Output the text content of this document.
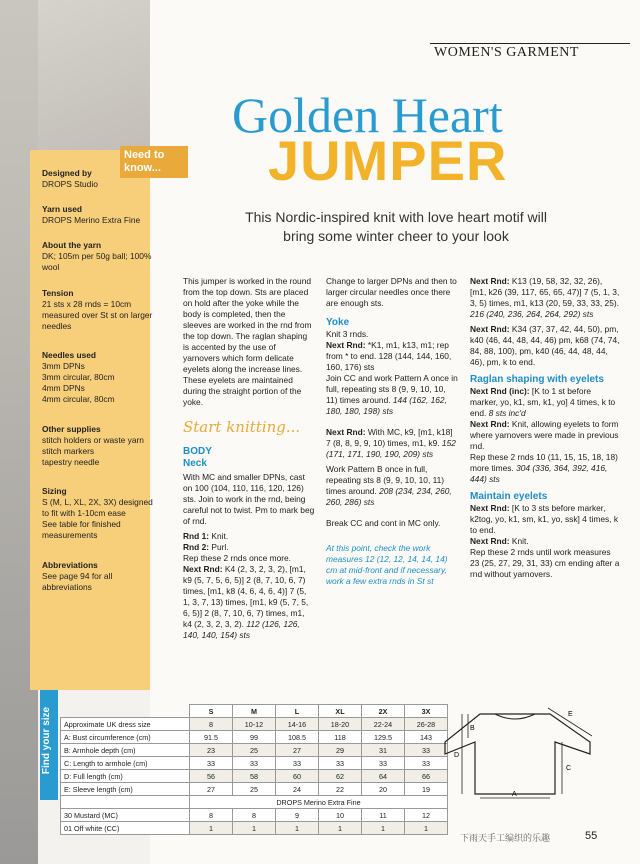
Need to know...
Designed by
DROPS Studio
Yarn used
DROPS Merino Extra Fine
About the yarn
DK; 105m per 50g ball; 100% wool
Tension
21 sts x 28 rnds = 10cm measured over St st on larger needles
Needles used
3mm DPNs
3mm circular, 80cm
4mm DPNs
4mm circular, 80cm
Other supplies
stitch holders or waste yarn
stitch markers
tapestry needle
Sizing
S (M, L, XL, 2X, 3X) designed to fit with 1-10cm ease
See table for finished measurements
Abbreviations
See page 94 for all abbreviations
WOMEN'S GARMENT
Golden Heart
JUMPER
This Nordic-inspired knit with love heart motif will bring some winter cheer to your look

This jumper is worked in the round from the top down. Sts are placed on hold after the yoke while the body is completed, then the sleeves are worked in the rnd from the top down. The raglan shaping is accented by the use of yarnovers which form delicate eyelets along the increase lines. These eyelets are maintained during the straight portion of the yoke.

Start knitting...
BODY
Neck

With MC and smaller DPNs, cast on 100 (104, 110, 116, 120, 126) sts. Join to work in the rnd, being careful not to twist. Pm to mark beg of rnd.

Rnd 1: Knit.

Rnd 2: Purl.

Rep these 2 rnds once more.

Next Rnd: K4 (2, 3, 2, 3, 2), [m1, k9 (5, 7, 5, 6, 5)] 2 (8, 7, 10, 6, 7) times, [m1, k8 (4, 6, 4, 6, 4)] 7 (5, 1, 3, 7, 13) times, [m1, k9 (5, 7, 5, 6, 5)] 2 (8, 7, 10, 6, 7) times, m1, k4 (2, 3, 2, 3, 2). 112 (126, 126, 140, 140, 154) sts

Change to larger DPNs and then to larger circular needles once there are enough sts.

Yoke

Knit 3 rnds.

Next Rnd: *K1, m1, k13, m1; rep from * to end. 128 (144, 144, 160, 160, 176) sts

Join CC and work Pattern A once in full, repeating sts 8 (9, 9, 10, 10, 11) times around. 144 (162, 162, 180, 180, 198) sts

Next Rnd: With MC, k9, [m1, k18] 7 (8, 8, 9, 9, 10) times, m1, k9. 152 (171, 171, 190, 190, 209) sts

Work Pattern B once in full, repeating sts 8 (9, 9, 10, 10, 11) times around. 208 (234, 234, 260, 260, 286) sts

Break CC and cont in MC only.

At this point, check the work measures 12 (12, 12, 14, 14, 14) cm at mid-front and if necessary, work a few extra rnds in St st

Next Rnd: K13 (19, 58, 32, 32, 26), [m1, k26 (39, 117, 65, 65, 47)] 7 (5, 1, 3, 3, 5) times, m1, k13 (20, 59, 33, 33, 25). 216 (240, 236, 264, 264, 292) sts

Next Rnd: K34 (37, 37, 42, 44, 50), pm, k40 (46, 44, 48, 44, 46) pm, k68 (74, 74, 84, 88, 100), pm, k40 (46, 44, 48, 44, 46), pm, k to end.

Raglan shaping with eyelets

Next Rnd (inc): [K to 1 st before marker, yo, k1, sm, k1, yo] 4 times, k to end. 8 sts inc'd

Next Rnd: Knit, allowing eyelets to form where yarnovers were made in previous rnd.

Rep these 2 rnds 10 (11, 15, 15, 18, 18) more times. 304 (336, 364, 392, 416, 444) sts

Maintain eyelets

Next Rnd: [K to 3 sts before marker, k2tog, yo, k1, sm, k1, yo, ssk] 4 times, k to end.

Next Rnd: Knit.

Rep these 2 rnds until work measures 23 (25, 27, 29, 31, 33) cm ending after a rnd without yarnovers.

Find your size
		S	M	L	XL	2X	3X
Approximate UK dress size	8	10-12	14-16	18-20	22-24	26-28
A: Bust circumference (cm)	91.5	99	108.5	118	129.5	143
B: Armhole depth (cm)	23	25	27	29	31	33
C: Length to armhole (cm)	33	33	33	33	33	33
D: Full length (cm)	56	58	60	62	64	66
E: Sleeve length (cm)	27	25	24	22	20	19
	DROPS Merino Extra Fine					
30 Mustard (MC)	8	8	9	10	11	12
01 Off white (CC)	1	1	1	1	1	1
A
B
C
D
E
下雨天手工编织的乐趣	55
